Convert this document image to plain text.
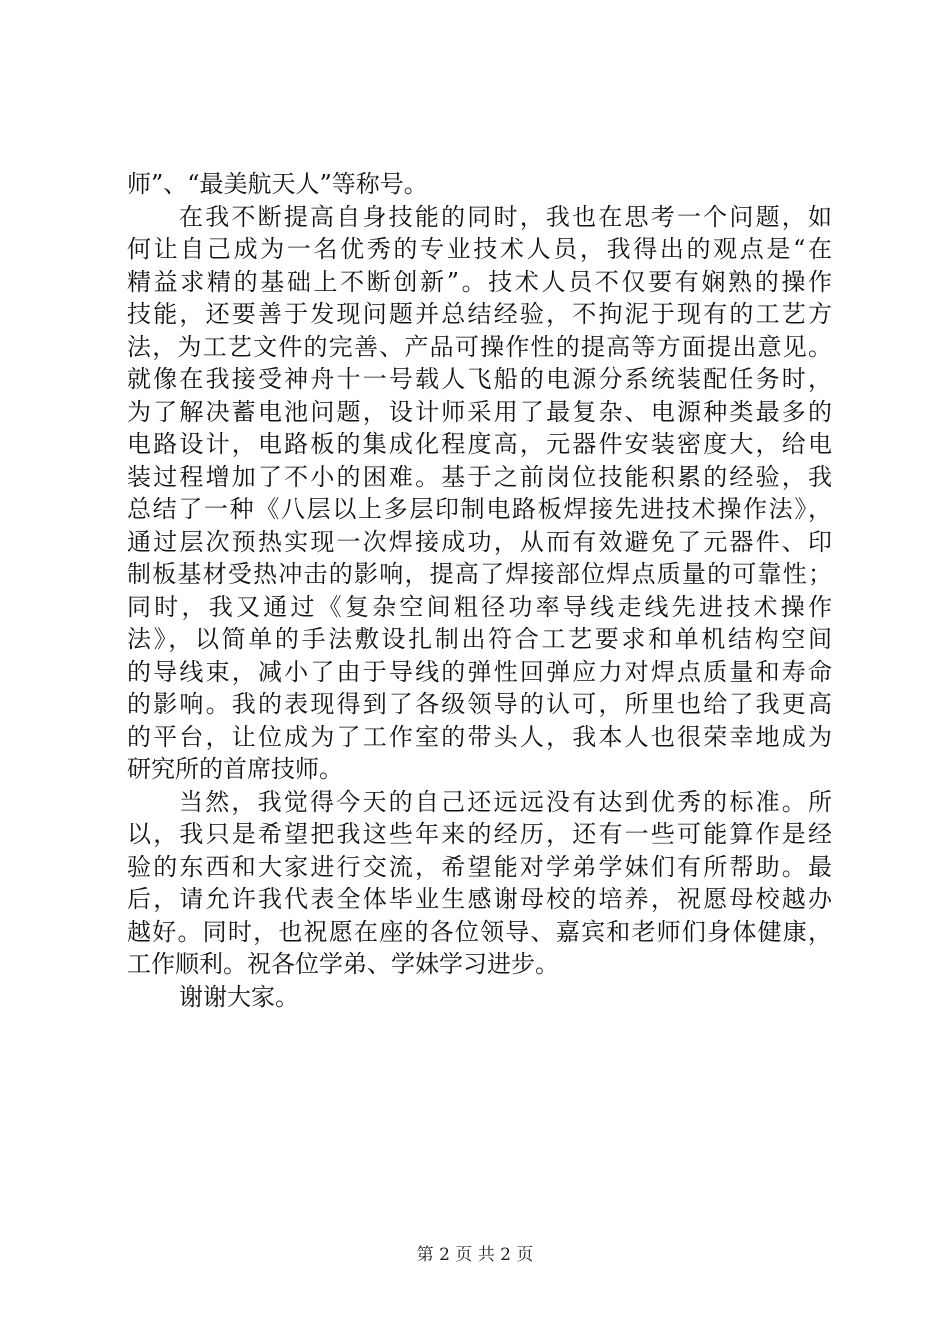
师”、“最美航天人”等称号。
在我不断提高自身技能的同时，我也在思考一个问题，如
何让自己成为一名优秀的专业技术人员，我得出的观点是“在
精益求精的基础上不断创新”。技术人员不仅要有娴熟的操作
技能，还要善于发现问题并总结经验，不拘泥于现有的工艺方
法，为工艺文件的完善、产品可操作性的提高等方面提出意见。
就像在我接受神舟十一号载人飞船的电源分系统装配任务时，
为了解决蓄电池问题，设计师采用了最复杂、电源种类最多的
电路设计，电路板的集成化程度高，元器件安装密度大，给电
装过程增加了不小的困难。基于之前岗位技能积累的经验，我
总结了一种《八层以上多层印制电路板焊接先进技术操作法》，
通过层次预热实现一次焊接成功，从而有效避免了元器件、印
制板基材受热冲击的影响，提高了焊接部位焊点质量的可靠性；
同时，我又通过《复杂空间粗径功率导线走线先进技术操作
法》，以简单的手法敷设扎制出符合工艺要求和单机结构空间
的导线束，减小了由于导线的弹性回弹应力对焊点质量和寿命
的影响。我的表现得到了各级领导的认可，所里也给了我更高
的平台，让位成为了工作室的带头人，我本人也很荣幸地成为
研究所的首席技师。
当然，我觉得今天的自己还远远没有达到优秀的标准。所
以，我只是希望把我这些年来的经历，还有一些可能算作是经
验的东西和大家进行交流，希望能对学弟学妹们有所帮助。最
后，请允许我代表全体毕业生感谢母校的培养，祝愿母校越办
越好。同时，也祝愿在座的各位领导、嘉宾和老师们身体健康，
工作顺利。祝各位学弟、学妹学习进步。
谢谢大家。
第 2 页 共 2 页
